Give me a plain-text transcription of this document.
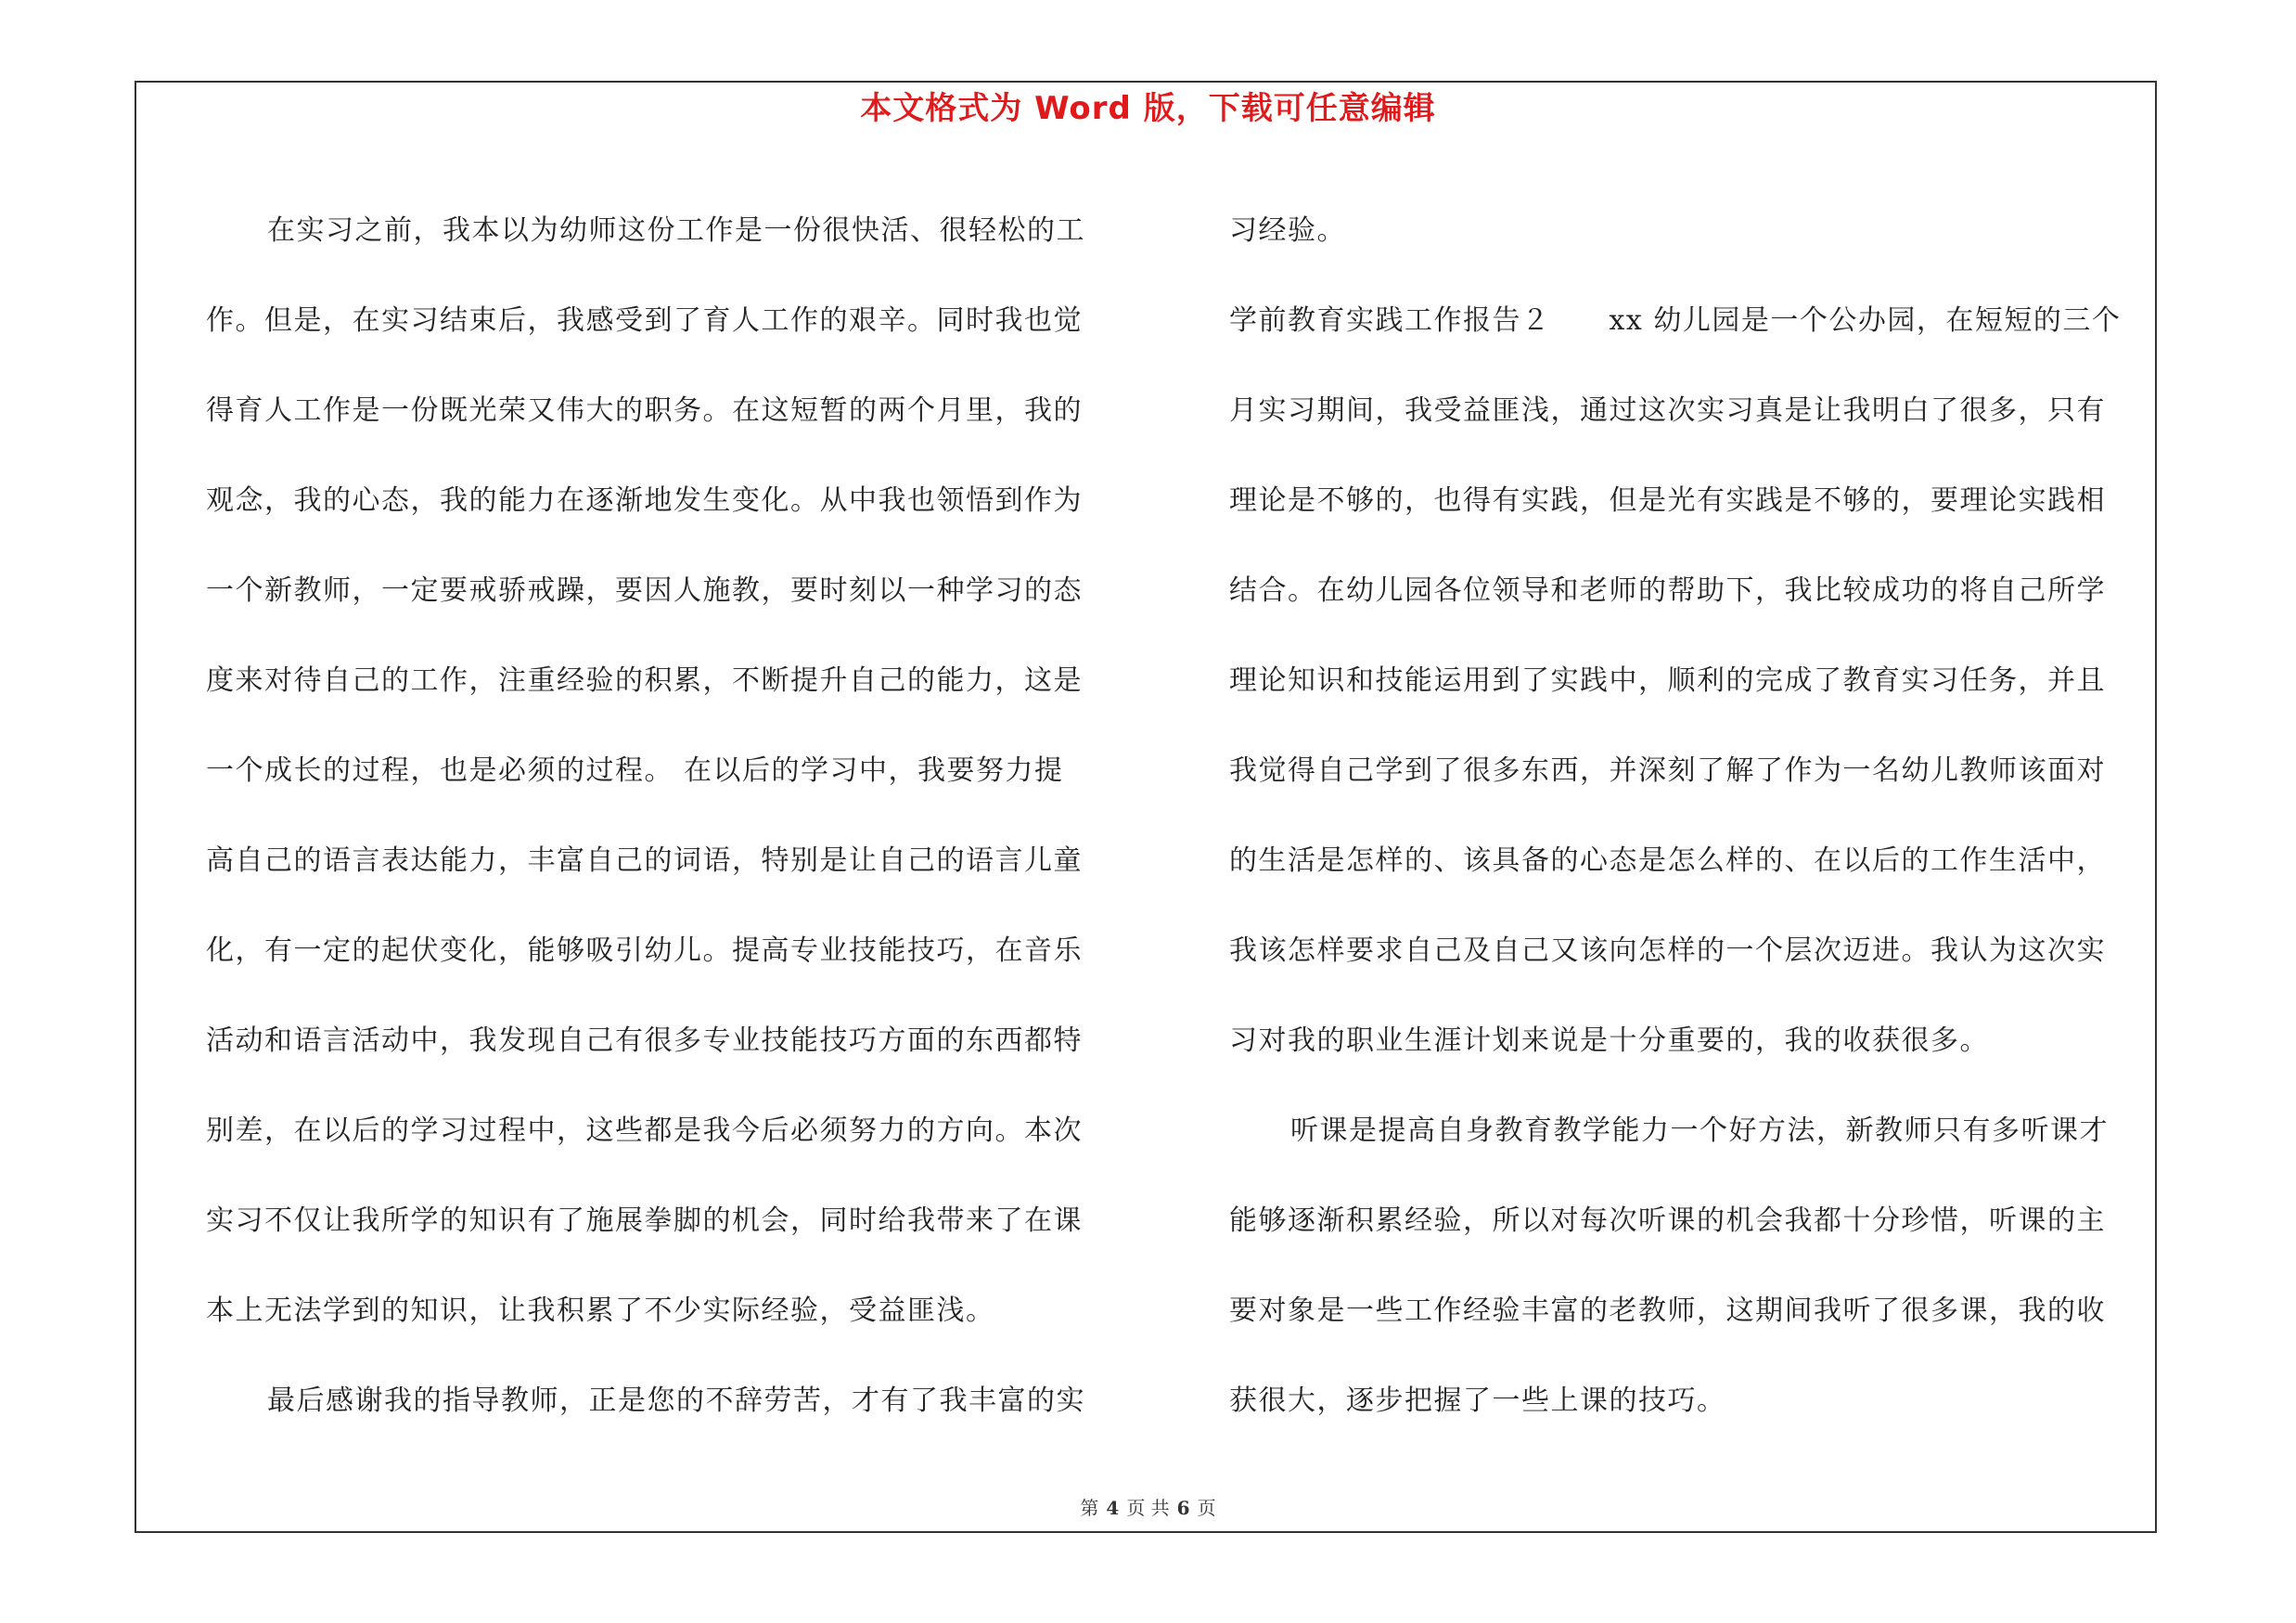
本文格式为 Word 版，下载可任意编辑
在实习之前，我本以为幼师这份工作是一份很快活、很轻松的工
作。但是，在实习结束后，我感受到了育人工作的艰辛。同时我也觉
得育人工作是一份既光荣又伟大的职务。在这短暂的两个月里，我的
观念，我的心态，我的能力在逐渐地发生变化。从中我也领悟到作为
一个新教师，一定要戒骄戒躁，要因人施教，要时刻以一种学习的态
度来对待自己的工作，注重经验的积累，不断提升自己的能力，这是
一个成长的过程，也是必须的过程。 在以后的学习中，我要努力提
高自己的语言表达能力，丰富自己的词语，特别是让自己的语言儿童
化，有一定的起伏变化，能够吸引幼儿。提高专业技能技巧，在音乐
活动和语言活动中，我发现自己有很多专业技能技巧方面的东西都特
别差，在以后的学习过程中，这些都是我今后必须努力的方向。本次
实习不仅让我所学的知识有了施展拳脚的机会，同时给我带来了在课
本上无法学到的知识，让我积累了不少实际经验，受益匪浅。
最后感谢我的指导教师，正是您的不辞劳苦，才有了我丰富的实
习经验。
学前教育实践工作报告２　　xx 幼儿园是一个公办园，在短短的三个
月实习期间，我受益匪浅，通过这次实习真是让我明白了很多，只有
理论是不够的，也得有实践，但是光有实践是不够的，要理论实践相
结合。在幼儿园各位领导和老师的帮助下，我比较成功的将自己所学
理论知识和技能运用到了实践中，顺利的完成了教育实习任务，并且
我觉得自己学到了很多东西，并深刻了解了作为一名幼儿教师该面对
的生活是怎样的、该具备的心态是怎么样的、在以后的工作生活中，
我该怎样要求自己及自己又该向怎样的一个层次迈进。我认为这次实
习对我的职业生涯计划来说是十分重要的，我的收获很多。
听课是提高自身教育教学能力一个好方法，新教师只有多听课才
能够逐渐积累经验，所以对每次听课的机会我都十分珍惜，听课的主
要对象是一些工作经验丰富的老教师，这期间我听了很多课，我的收
获很大，逐步把握了一些上课的技巧。
第 4 页 共 6 页
